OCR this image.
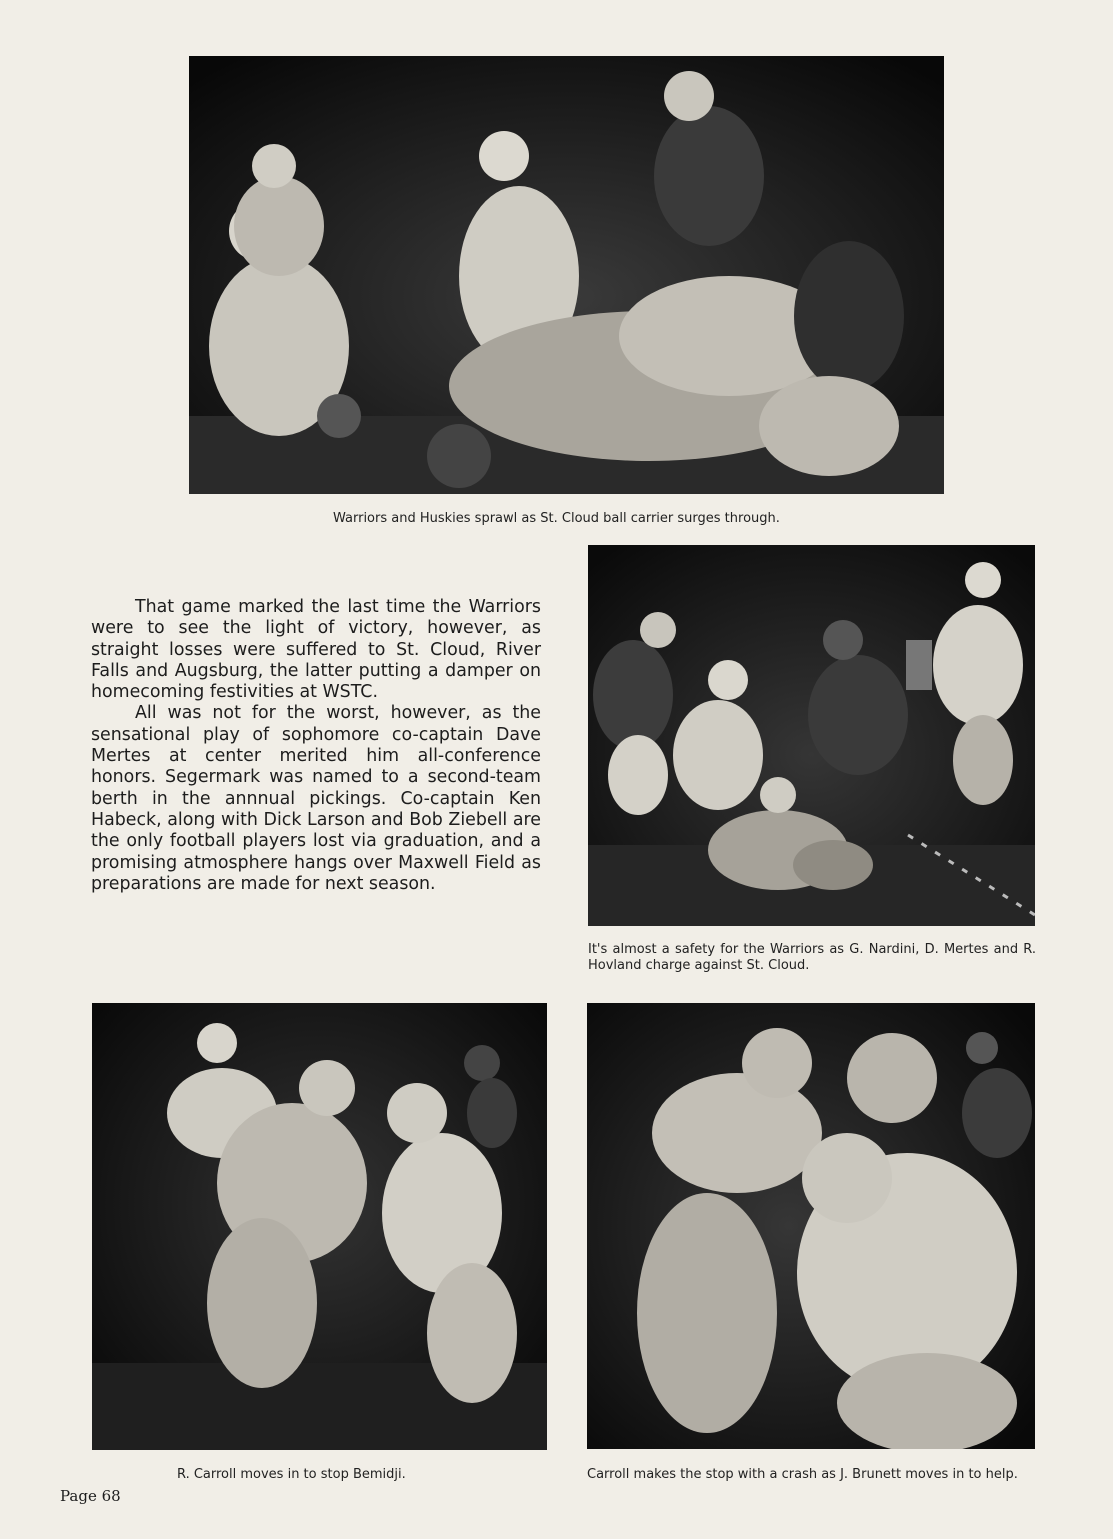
Warriors and Huskies sprawl as St. Cloud ball carrier surges through.
It's almost a safety for the Warriors as G. Nardini, D. Mertes and R. Hovland charge against St. Cloud.

That game marked the last time the Warriors were to see the light of victory, however, as straight losses were suffered to St. Cloud, River Falls and Augsburg, the latter putting a damper on homecoming festivities at WSTC.

All was not for the worst, however, as the sensational play of sophomore co-captain Dave Mertes at center merited him all-conference honors. Segermark was named to a second-team berth in the annnual pickings. Co-captain Ken Habeck, along with Dick Larson and Bob Ziebell are the only football players lost via graduation, and a promising atmosphere hangs over Maxwell Field as preparations are made for next season.

R. Carroll moves in to stop Bemidji.	Carroll makes the stop with a crash as J. Brunett moves in to help.
Page 68
